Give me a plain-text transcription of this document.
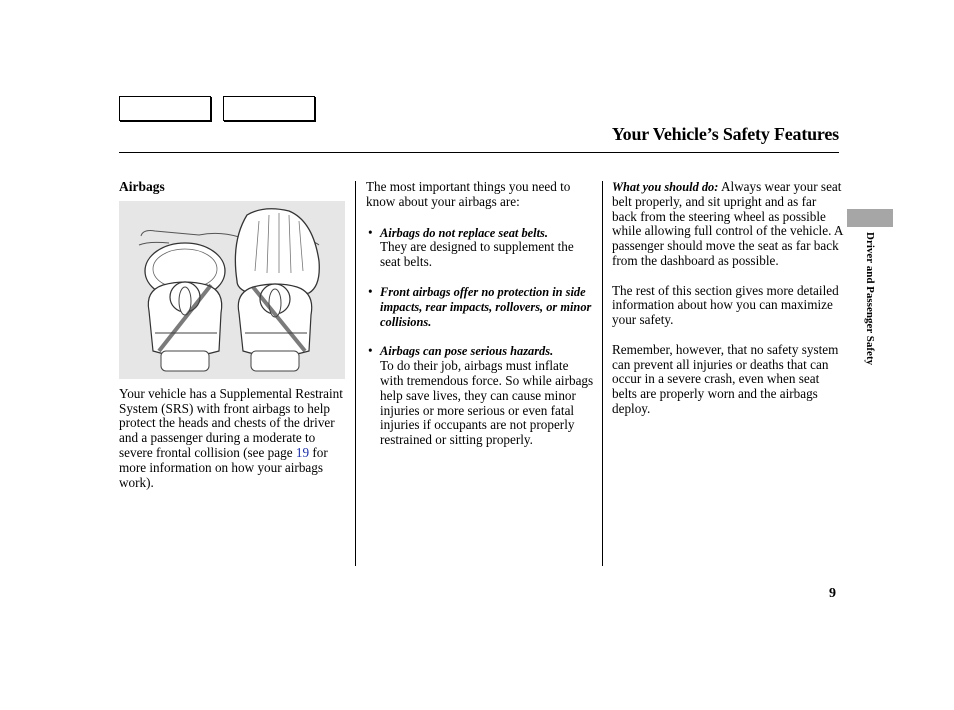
Your Vehicle’s Safety Features
Airbags

Your vehicle has a Supplemental Restraint System (SRS) with front airbags to help protect the heads and chests of the driver and a passenger during a moderate to severe frontal collision (see page 19 for more information on how your airbags work).

The most important things you need to know about your airbags are:

• Airbags do not replace seat belts.
They are designed to supplement the seat belts.
• Front airbags offer no protection in side impacts, rear impacts, rollovers, or minor collisions.
• Airbags can pose serious hazards.
To do their job, airbags must inflate with tremendous force. So while airbags help save lives, they can cause minor injuries or more serious or even fatal injuries if occupants are not properly restrained or sitting properly.

What you should do: Always wear your seat belt properly, and sit upright and as far back from the steering wheel as possible while allowing full control of the vehicle. A passenger should move the seat as far back from the dashboard as possible.

The rest of this section gives more detailed information about how you can maximize your safety.

Remember, however, that no safety system can prevent all injuries or deaths that can occur in a severe crash, even when seat belts are properly worn and the airbags deploy.

Driver and Passenger Safety
9
